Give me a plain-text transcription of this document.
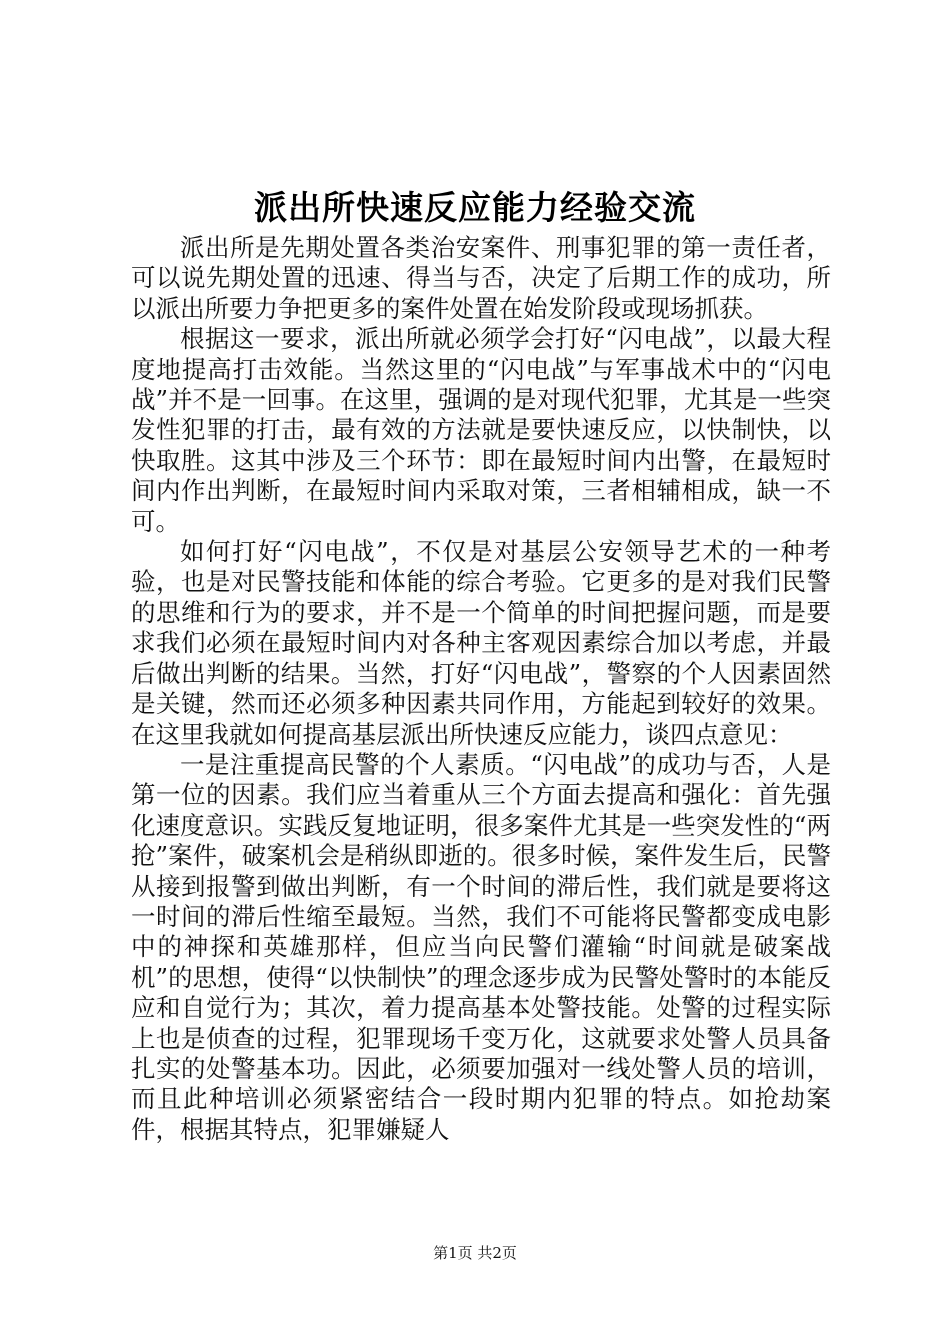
派出所快速反应能力经验交流

派出所是先期处置各类治安案件、刑事犯罪的第一责任者，可以说先期处置的迅速、得当与否，决定了后期工作的成功，所以派出所要力争把更多的案件处置在始发阶段或现场抓获。

根据这一要求，派出所就必须学会打好“闪电战”，以最大程度地提高打击效能。当然这里的“闪电战”与军事战术中的“闪电战”并不是一回事。在这里，强调的是对现代犯罪，尤其是一些突发性犯罪的打击，最有效的方法就是要快速反应，以快制快，以快取胜。这其中涉及三个环节：即在最短时间内出警，在最短时间内作出判断，在最短时间内采取对策，三者相辅相成，缺一不可。

如何打好“闪电战”，不仅是对基层公安领导艺术的一种考验，也是对民警技能和体能的综合考验。它更多的是对我们民警的思维和行为的要求，并不是一个简单的时间把握问题，而是要求我们必须在最短时间内对各种主客观因素综合加以考虑，并最后做出判断的结果。当然，打好“闪电战”，警察的个人因素固然是关键，然而还必须多种因素共同作用，方能起到较好的效果。在这里我就如何提高基层派出所快速反应能力，谈四点意见：

一是注重提高民警的个人素质。“闪电战”的成功与否，人是第一位的因素。我们应当着重从三个方面去提高和强化：首先强化速度意识。实践反复地证明，很多案件尤其是一些突发性的“两抢”案件，破案机会是稍纵即逝的。很多时候，案件发生后，民警从接到报警到做出判断，有一个时间的滞后性，我们就是要将这一时间的滞后性缩至最短。当然，我们不可能将民警都变成电影中的神探和英雄那样，但应当向民警们灌输“时间就是破案战机”的思想，使得“以快制快”的理念逐步成为民警处警时的本能反应和自觉行为；其次，着力提高基本处警技能。处警的过程实际上也是侦查的过程，犯罪现场千变万化，这就要求处警人员具备扎实的处警基本功。因此，必须要加强对一线处警人员的培训，而且此种培训必须紧密结合一段时期内犯罪的特点。如抢劫案件，根据其特点，犯罪嫌疑人

第1页 共2页
